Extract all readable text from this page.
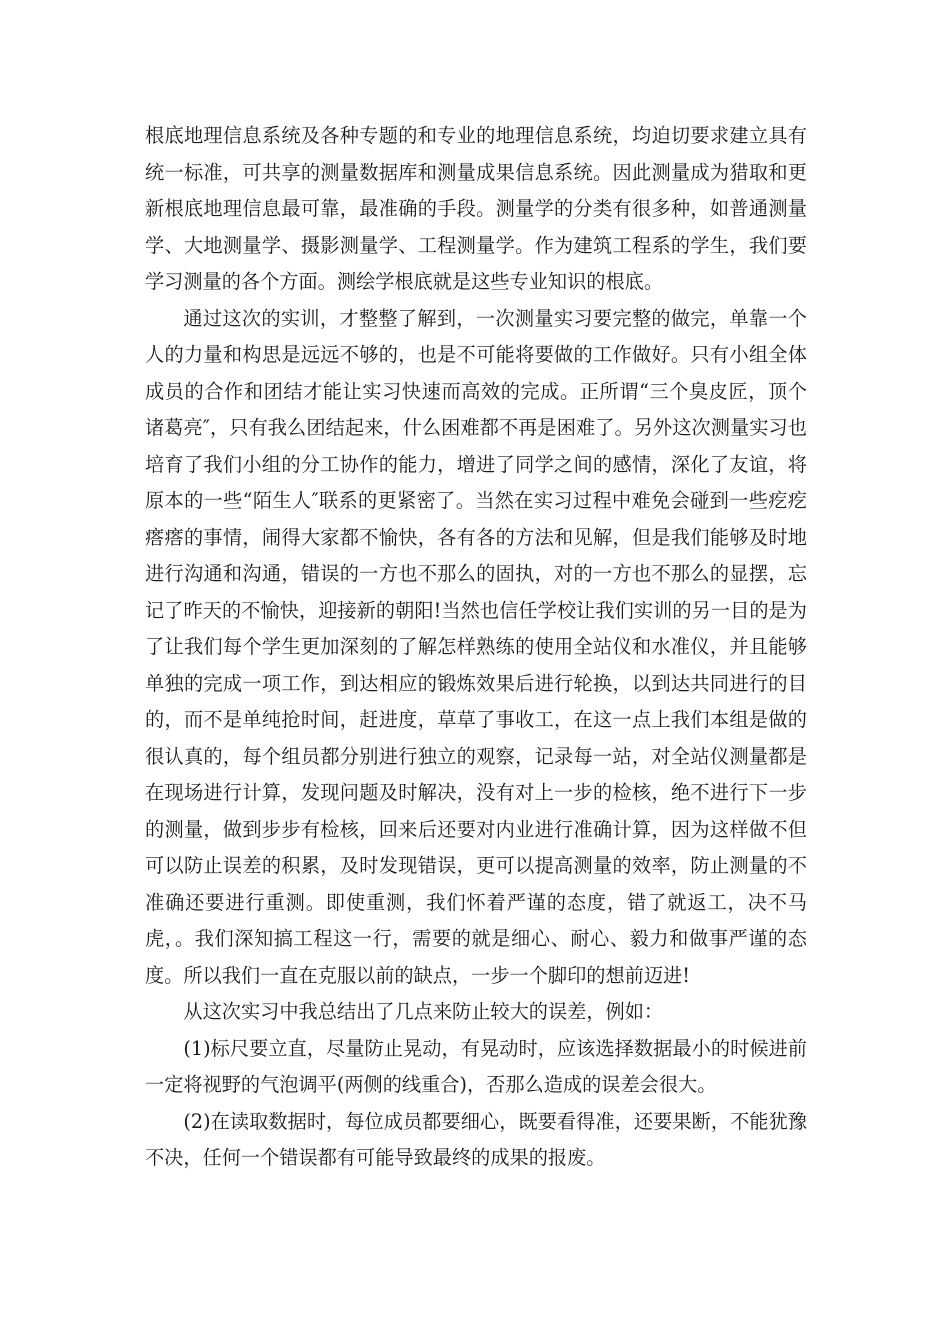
根底地理信息系统及各种专题的和专业的地理信息系统，均迫切要求建立具有统一标准，可共享的测量数据库和测量成果信息系统。因此测量成为猎取和更新根底地理信息最可靠，最准确的手段。测量学的分类有很多种，如普通测量学、大地测量学、摄影测量学、工程测量学。作为建筑工程系的学生，我们要学习测量的各个方面。测绘学根底就是这些专业知识的根底。

通过这次的实训，才整整了解到，一次测量实习要完整的做完，单靠一个人的力量和构思是远远不够的，也是不可能将要做的工作做好。只有小组全体成员的合作和团结才能让实习快速而高效的完成。正所谓“三个臭皮匠，顶个诸葛亮″，只有我么团结起来，什么困难都不再是困难了。另外这次测量实习也培育了我们小组的分工协作的能力，增进了同学之间的感情，深化了友谊，将原本的一些“陌生人″联系的更紧密了。当然在实习过程中难免会碰到一些疙疙瘩瘩的事情，闹得大家都不愉快，各有各的方法和见解，但是我们能够及时地进行沟通和沟通，错误的一方也不那么的固执，对的一方也不那么的显摆，忘记了昨天的不愉快，迎接新的朝阳!当然也信任学校让我们实训的另一目的是为了让我们每个学生更加深刻的了解怎样熟练的使用全站仪和水准仪，并且能够单独的完成一项工作，到达相应的锻炼效果后进行轮换，以到达共同进行的目的，而不是单纯抢时间，赶进度，草草了事收工，在这一点上我们本组是做的很认真的，每个组员都分别进行独立的观察，记录每一站，对全站仪测量都是在现场进行计算，发现问题及时解决，没有对上一步的检核，绝不进行下一步的测量，做到步步有检核，回来后还要对内业进行准确计算，因为这样做不但可以防止误差的积累，及时发现错误，更可以提高测量的效率，防止测量的不准确还要进行重测。即使重测，我们怀着严谨的态度，错了就返工，决不马虎，。我们深知搞工程这一行，需要的就是细心、耐心、毅力和做事严谨的态度。所以我们一直在克服以前的缺点，一步一个脚印的想前迈进!

从这次实习中我总结出了几点来防止较大的误差，例如：

(1)标尺要立直，尽量防止晃动，有晃动时，应该选择数据最小的时候进前一定将视野的气泡调平(两侧的线重合)，否那么造成的误差会很大。

(2)在读取数据时，每位成员都要细心，既要看得准，还要果断，不能犹豫不决，任何一个错误都有可能导致最终的成果的报废。
